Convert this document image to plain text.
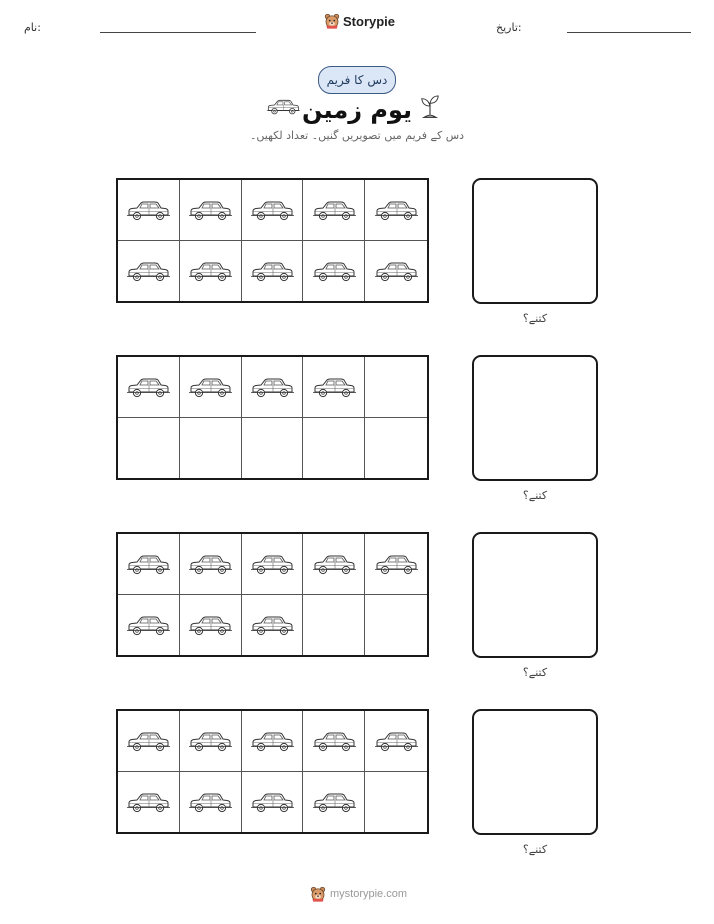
نام:	Storypie	تاریخ:
دس کا فریم
یوم زمین
دس کے فریم میں تصویریں گنیں۔ تعداد لکھیں۔
کتنے؟
کتنے؟
کتنے؟
کتنے؟
mystorypie.com
